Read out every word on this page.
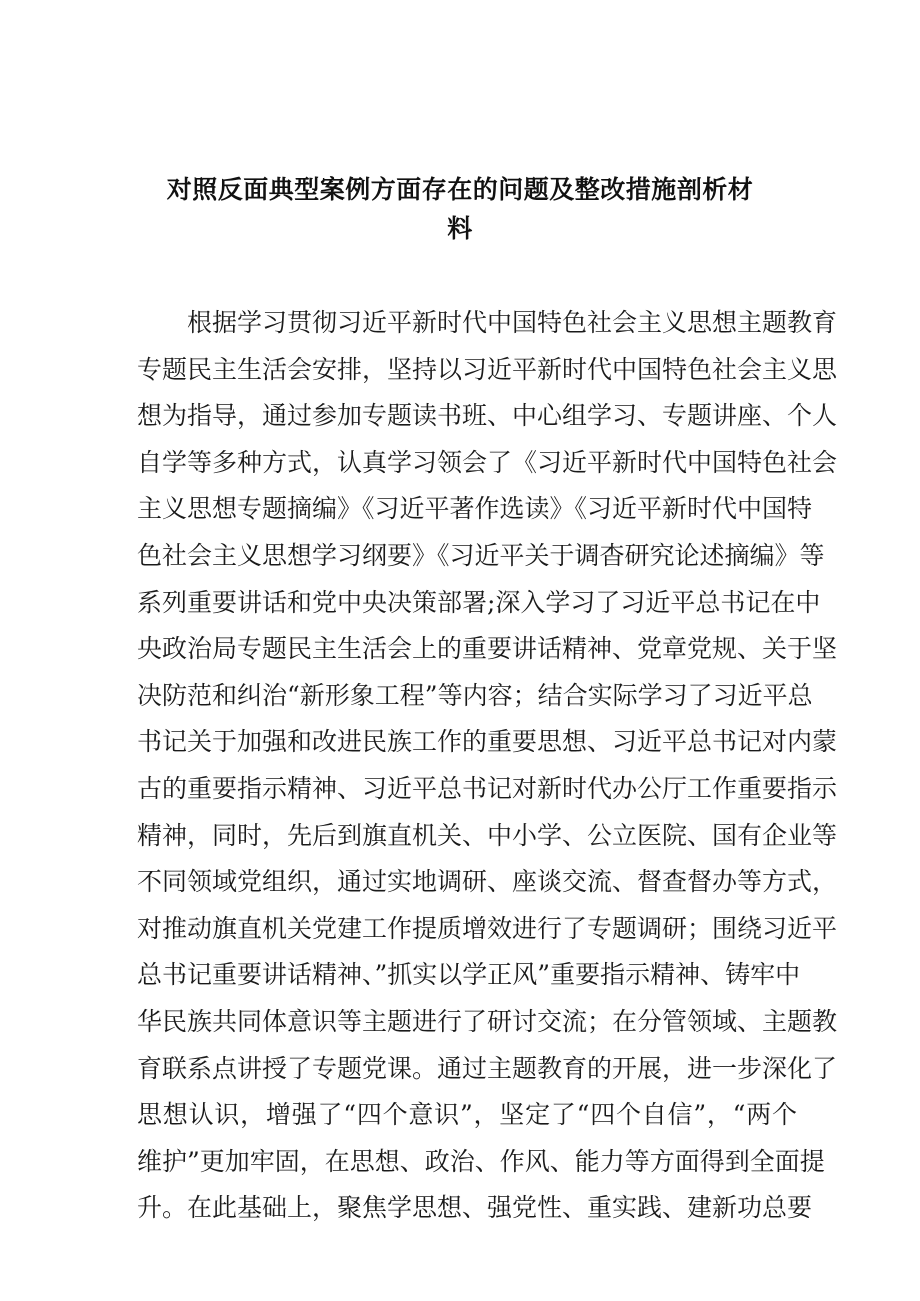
对照反面典型案例方面存在的问题及整改措施剖析材
料
根据学习贯彻习近平新时代中国特色社会主义思想主题教育
专题民主生活会安排，坚持以习近平新时代中国特色社会主义思
想为指导，通过参加专题读书班、中心组学习、专题讲座、个人
自学等多种方式，认真学习领会了《习近平新时代中国特色社会
主义思想专题摘编》《习近平著作选读》《习近平新时代中国特
色社会主义思想学习纲要》《习近平关于调杳研究论述摘编》等
系列重要讲话和党中央决策部署;深入学习了习近平总书记在中
央政治局专题民主生活会上的重要讲话精神、党章党规、关于坚
决防范和纠治“新形象工程”等内容；结合实际学习了习近平总
书记关于加强和改进民族工作的重要思想、习近平总书记对内蒙
古的重要指示精神、习近平总书记对新时代办公厅工作重要指示
精神，同时，先后到旗直机关、中小学、公立医院、国有企业等
不同领域党组织，通过实地调研、座谈交流、督查督办等方式，
对推动旗直机关党建工作提质增效进行了专题调研；围绕习近平
总书记重要讲话精神、”抓实以学正风”重要指示精神、铸牢中
华民族共同体意识等主题进行了研讨交流；在分管领域、主题教
育联系点讲授了专题党课。通过主题教育的开展，进一步深化了
思想认识，增强了“四个意识”，坚定了“四个自信”，“两个
维护”更加牢固，在思想、政治、作风、能力等方面得到全面提
升。在此基础上，聚焦学思想、强党性、重实践、建新功总要
